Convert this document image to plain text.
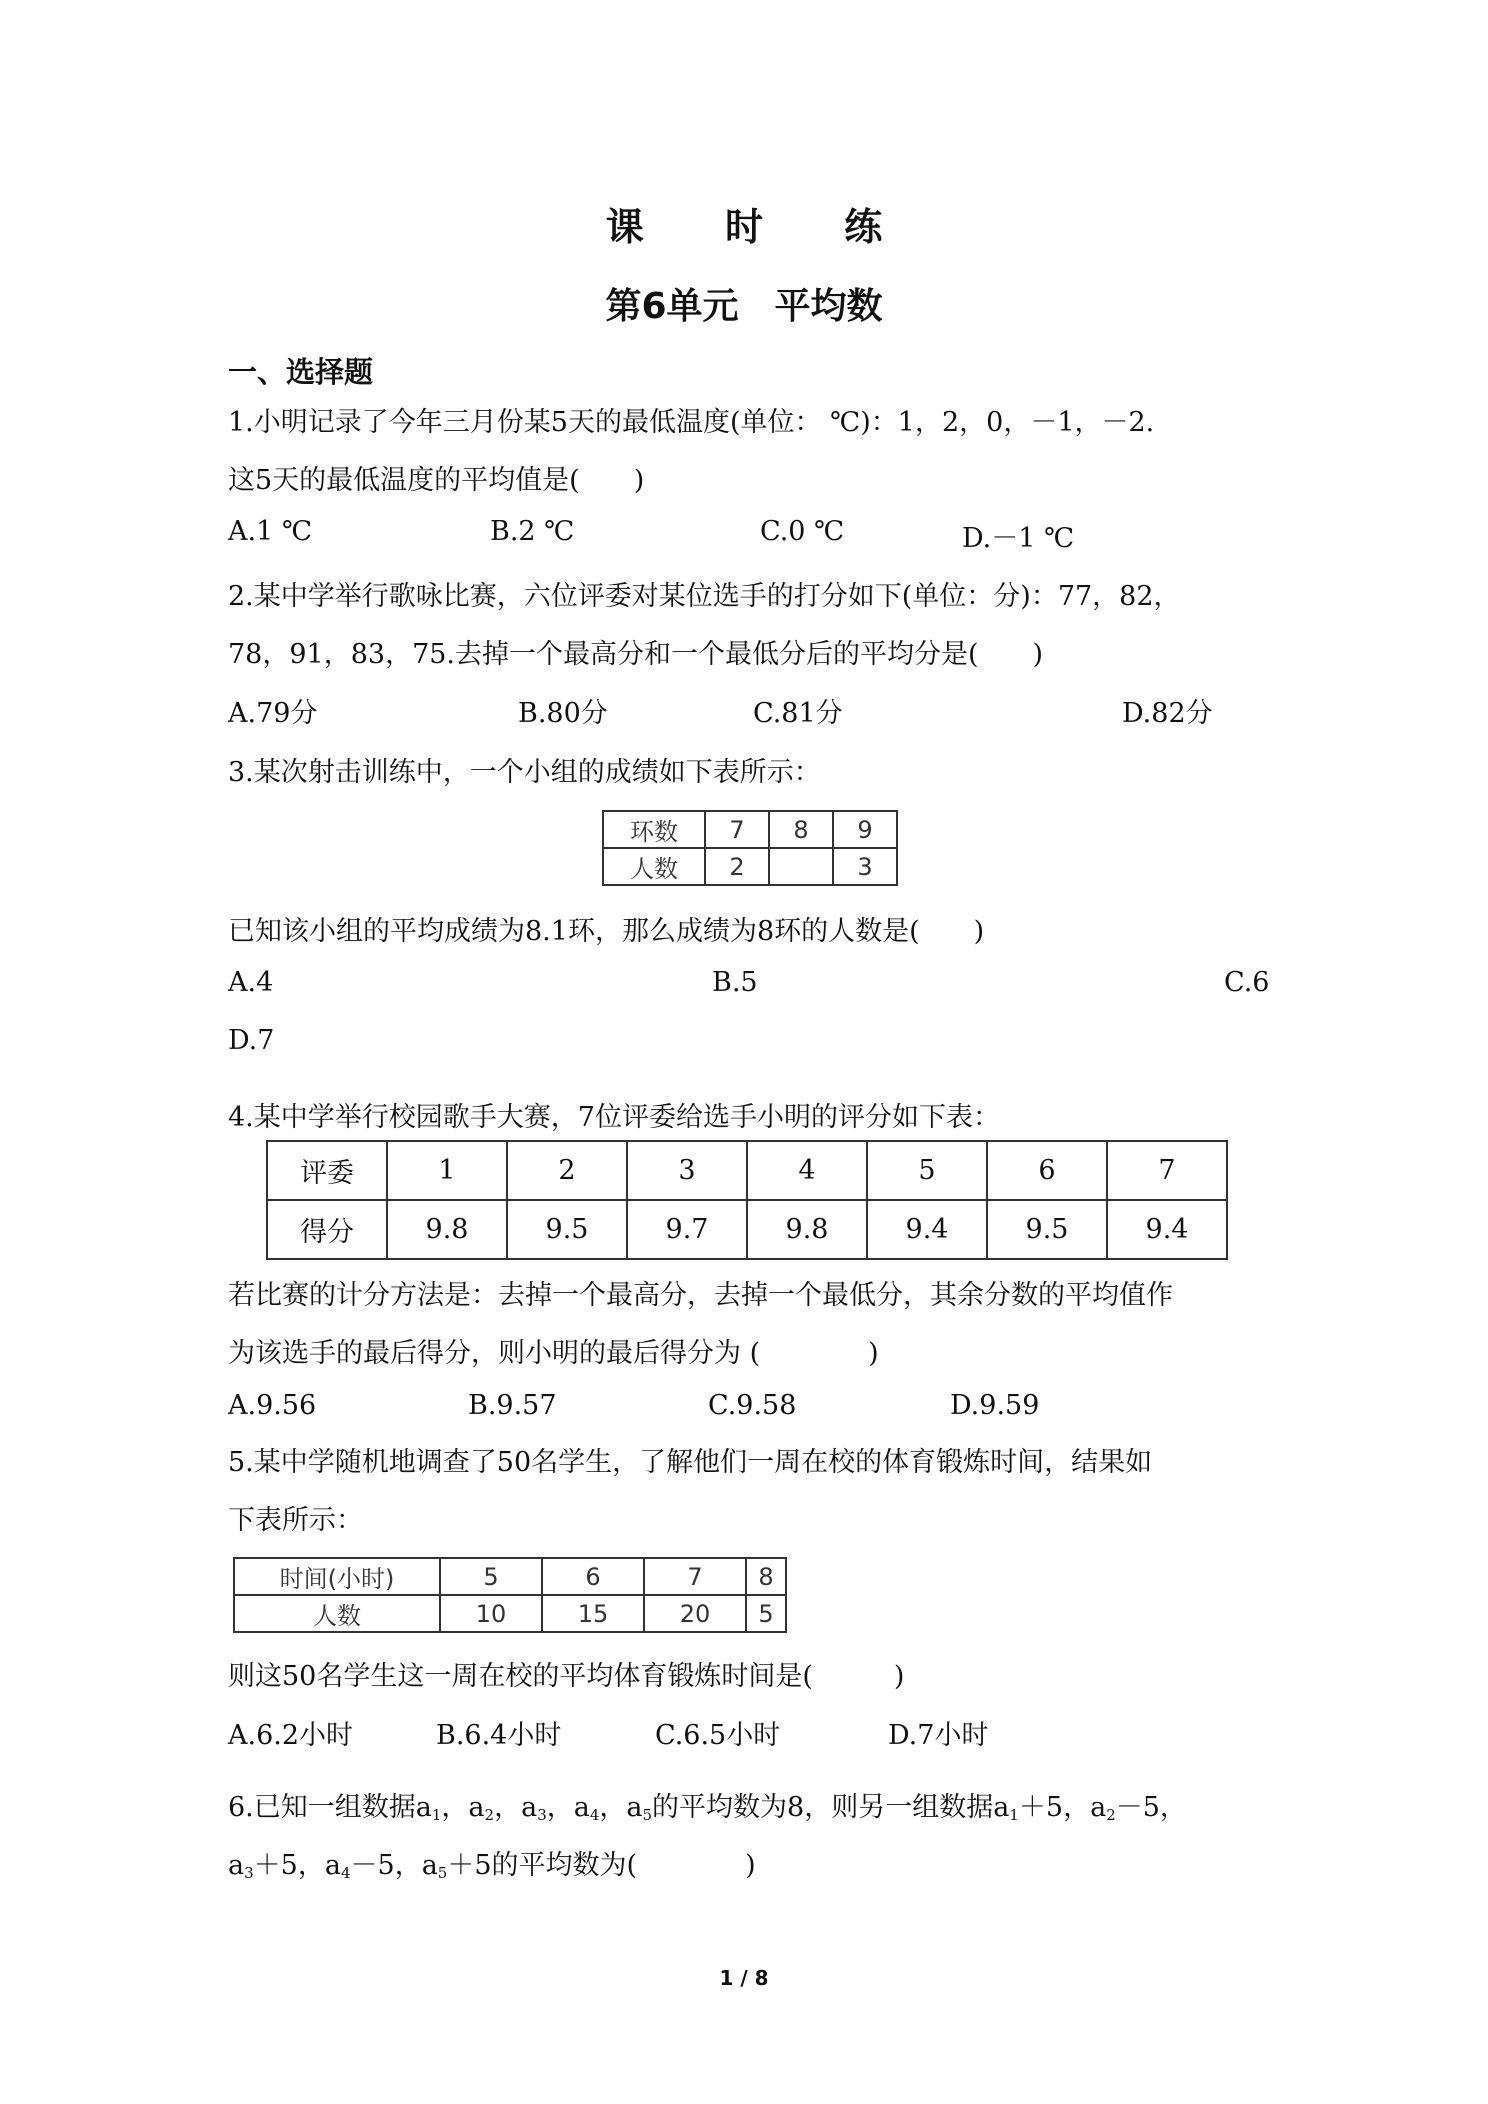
课 时 练
第6单元 平均数
一、选择题
1.小明记录了今年三月份某5天的最低温度(单位： ℃)：1，2，0，－1，－2.
这5天的最低温度的平均值是(　　)
A.1 ℃	B.2 ℃	C.0 ℃	D.－1 ℃
2.某中学举行歌咏比赛，六位评委对某位选手的打分如下(单位：分)：77，82，
78，91，83，75.去掉一个最高分和一个最低分后的平均分是(　　)
A.79分	B.80分	C.81分	D.82分
3.某次射击训练中，一个小组的成绩如下表所示：
环数	7	8	9
人数	2		3
已知该小组的平均成绩为8.1环，那么成绩为8环的人数是(　　)
A.4	B.5	C.6
D.7
4.某中学举行校园歌手大赛，7位评委给选手小明的评分如下表：
评委	1	2	3	4	5	6	7
得分	9.8	9.5	9.7	9.8	9.4	9.5	9.4
若比赛的计分方法是：去掉一个最高分，去掉一个最低分，其余分数的平均值作
为该选手的最后得分，则小明的最后得分为 (　　　　)
A.9.56	B.9.57	C.9.58	D.9.59
5.某中学随机地调查了50名学生，了解他们一周在校的体育锻炼时间，结果如
下表所示：
时间(小时)	5	6	7	8
人数	10	15	20	5
则这50名学生这一周在校的平均体育锻炼时间是(　　　)
A.6.2小时	B.6.4小时	C.6.5小时	D.7小时
6.已知一组数据$a_1$，$a_2$，$a_3$，$a_4$，$a_5$的平均数为8，则另一组数据$a_1+5$，$a_2-5$，
$a_3+5$，$a_4-5$，$a_5+5$的平均数为(　　　　)
1 / 8
